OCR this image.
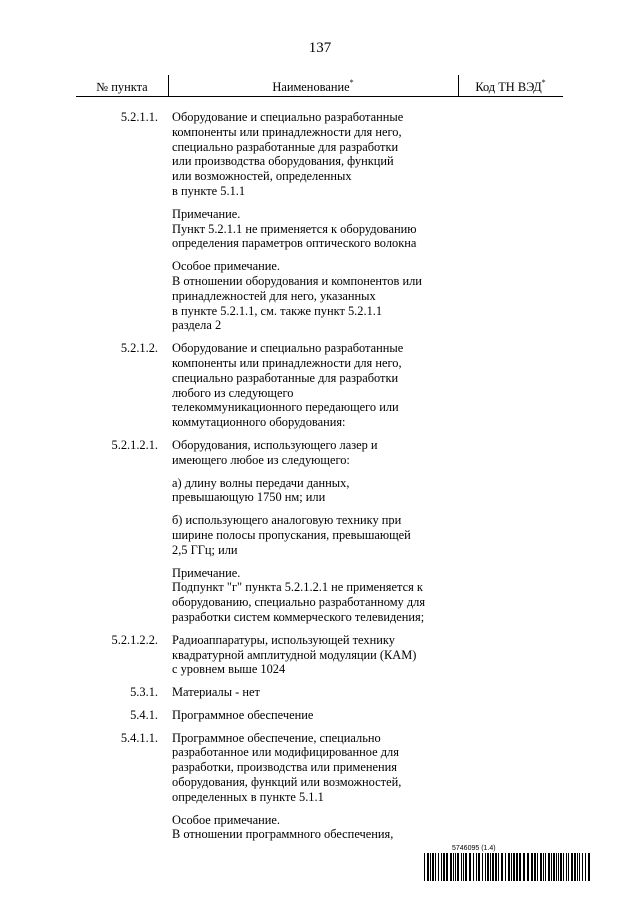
137
№ пункта	Наименование*	Код ТН ВЭД*
5.2.1.1. Оборудование и специально разработанные
компоненты или принадлежности для него,
специально разработанные для разработки
или производства оборудования, функций
или возможностей, определенных
в пункте 5.1.1
Примечание.
Пункт 5.2.1.1 не применяется к оборудованию
определения параметров оптического волокна
Особое примечание.
В отношении оборудования и компонентов или
принадлежностей для него, указанных
в пункте 5.2.1.1, см. также пункт 5.2.1.1
раздела 2
5.2.1.2. Оборудование и специально разработанные
компоненты или принадлежности для него,
специально разработанные для разработки
любого из следующего
телекоммуникационного передающего или
коммутационного оборудования:
5.2.1.2.1. Оборудования, использующего лазер и
имеющего любое из следующего:
а) длину волны передачи данных,
превышающую 1750 нм; или
б) использующего аналоговую технику при
ширине полосы пропускания, превышающей
2,5 ГГц; или
Примечание.
Подпункт "г" пункта 5.2.1.2.1 не применяется к
оборудованию, специально разработанному для
разработки систем коммерческого телевидения;
5.2.1.2.2. Радиоаппаратуры, использующей технику
квадратурной амплитудной модуляции (КАМ)
с уровнем выше 1024
5.3.1. Материалы - нет
5.4.1. Программное обеспечение
5.4.1.1. Программное обеспечение, специально
разработанное или модифицированное для
разработки, производства или применения
оборудования, функций или возможностей,
определенных в пункте 5.1.1
Особое примечание.
В отношении программного обеспечения,
5746095 (1.4)
